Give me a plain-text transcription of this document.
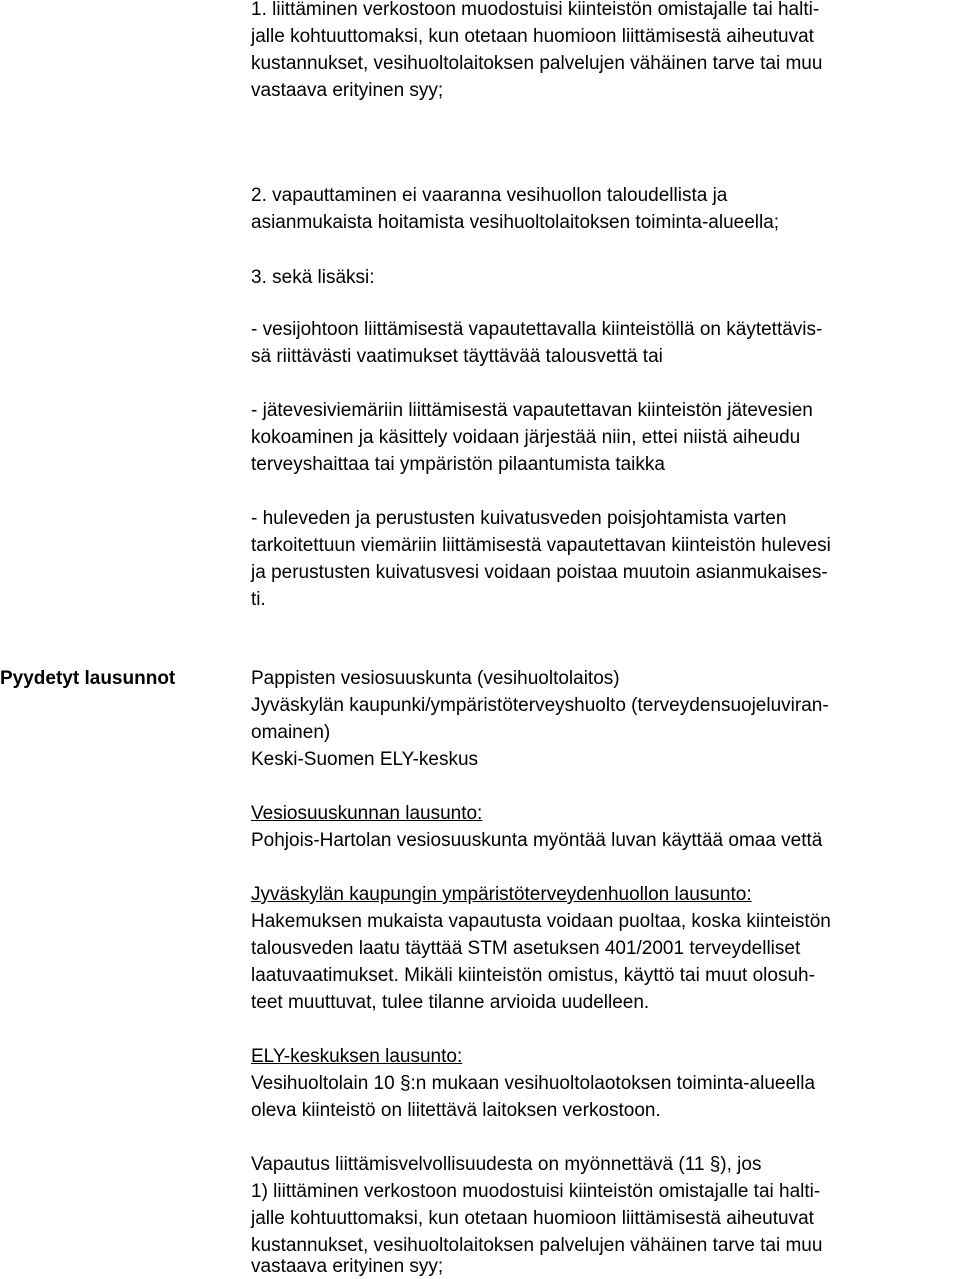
1. liittäminen verkostoon muodostuisi kiinteistön omistajalle tai halti-
jalle kohtuuttomaksi, kun otetaan huomioon liittämisestä aiheutuvat
kustannukset, vesihuoltolaitoksen palvelujen vähäinen tarve tai muu
vastaava erityinen syy;
2. vapauttaminen ei vaaranna vesihuollon taloudellista ja
asianmukaista hoitamista vesihuoltolaitoksen toiminta-alueella;
3. sekä lisäksi:
- vesijohtoon liittämisestä vapautettavalla kiinteistöllä on käytettävis-
sä riittävästi vaatimukset täyttävää talousvettä tai
- jätevesiviemäriin liittämisestä vapautettavan kiinteistön jätevesien
kokoaminen ja käsittely voidaan järjestää niin, ettei niistä aiheudu
terveyshaittaa tai ympäristön pilaantumista taikka
- huleveden ja perustusten kuivatusveden poisjohtamista varten
tarkoitettuun viemäriin liittämisestä vapautettavan kiinteistön hulevesi
ja perustusten kuivatusvesi voidaan poistaa muutoin asianmukaises-
ti.
Pyydetyt lausunnot	Pappisten vesiosuuskunta (vesihuoltolaitos)
Jyväskylän kaupunki/ympäristöterveyshuolto (terveydensuojeluviran-
omainen)
Keski-Suomen ELY-keskus
Vesiosuuskunnan lausunto:
Pohjois-Hartolan vesiosuuskunta myöntää luvan käyttää omaa vettä
Jyväskylän kaupungin ympäristöterveydenhuollon lausunto:
Hakemuksen mukaista vapautusta voidaan puoltaa, koska kiinteistön
talousveden laatu täyttää STM asetuksen 401/2001 terveydelliset
laatuvaatimukset. Mikäli kiinteistön omistus, käyttö tai muut olosuh-
teet muuttuvat, tulee tilanne arvioida uudelleen.
ELY-keskuksen lausunto:
Vesihuoltolain 10 §:n mukaan vesihuoltolaotoksen toiminta-alueella
oleva kiinteistö on liitettävä laitoksen verkostoon.
Vapautus liittämisvelvollisuudesta on myönnettävä (11 §), jos
1) liittäminen verkostoon muodostuisi kiinteistön omistajalle tai halti-
jalle kohtuuttomaksi, kun otetaan huomioon liittämisestä aiheutuvat
kustannukset, vesihuoltolaitoksen palvelujen vähäinen tarve tai muu
vastaava erityinen syy;
